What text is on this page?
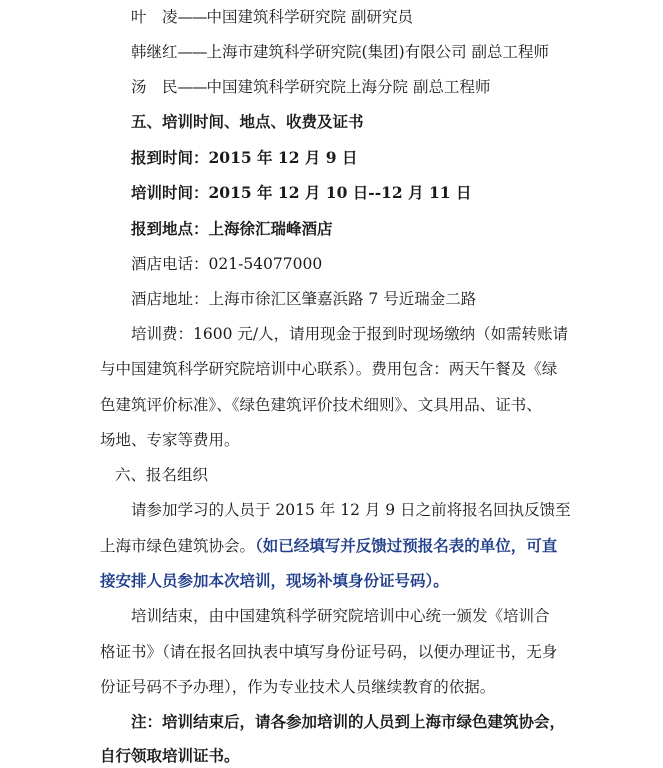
叶　凌——中国建筑科学研究院 副研究员
韩继红——上海市建筑科学研究院(集团)有限公司 副总工程师
汤　民——中国建筑科学研究院上海分院 副总工程师
五、培训时间、地点、收费及证书
报到时间：2015 年 12 月 9 日
培训时间：2015 年 12 月 10 日--12 月 11 日
报到地点：上海徐汇瑞峰酒店
酒店电话：021-54077000
酒店地址：上海市徐汇区肇嘉浜路 7 号近瑞金二路
培训费：1600 元/人，请用现金于报到时现场缴纳（如需转账请
与中国建筑科学研究院培训中心联系）。费用包含：两天午餐及《绿
色建筑评价标准》、《绿色建筑评价技术细则》、文具用品、证书、
场地、专家等费用。
六、报名组织
请参加学习的人员于 2015 年 12 月 9 日之前将报名回执反馈至
上海市绿色建筑协会。（如已经填写并反馈过预报名表的单位，可直
接安排人员参加本次培训，现场补填身份证号码）。
培训结束，由中国建筑科学研究院培训中心统一颁发《培训合
格证书》（请在报名回执表中填写身份证号码，以便办理证书，无身
份证号码不予办理），作为专业技术人员继续教育的依据。
注：培训结束后，请各参加培训的人员到上海市绿色建筑协会，
自行领取培训证书。
